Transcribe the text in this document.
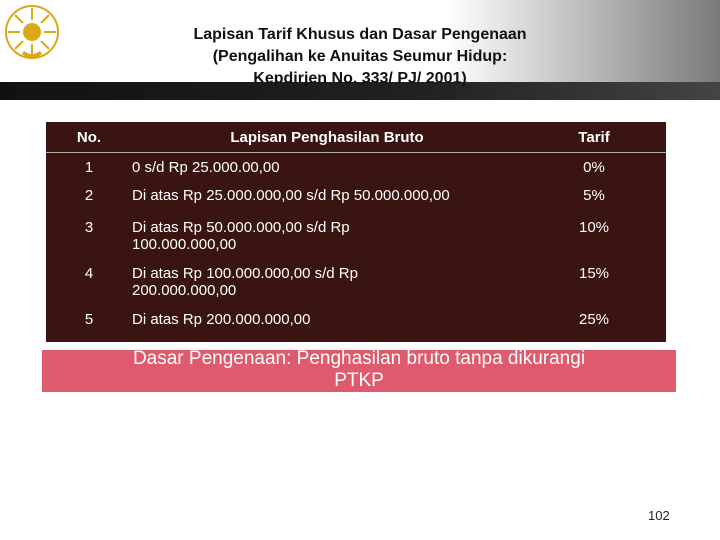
Lapisan Tarif Khusus dan Dasar Pengenaan
(Pengalihan ke Anuitas Seumur Hidup:
Kepdirjen No. 333/ PJ/ 2001)
No.	Lapisan Penghasilan Bruto	Tarif
1	0 s/d Rp 25.000.00,00	0%
2	Di atas Rp 25.000.000,00 s/d Rp 50.000.000,00	5%
3	Di atas Rp 50.000.000,00 s/d Rp
100.000.000,00	10%
4	Di atas Rp 100.000.000,00 s/d Rp
200.000.000,00	15%
5	Di atas Rp 200.000.000,00	25%
Dasar Pengenaan: Penghasilan bruto tanpa dikurangi
PTKP
102
